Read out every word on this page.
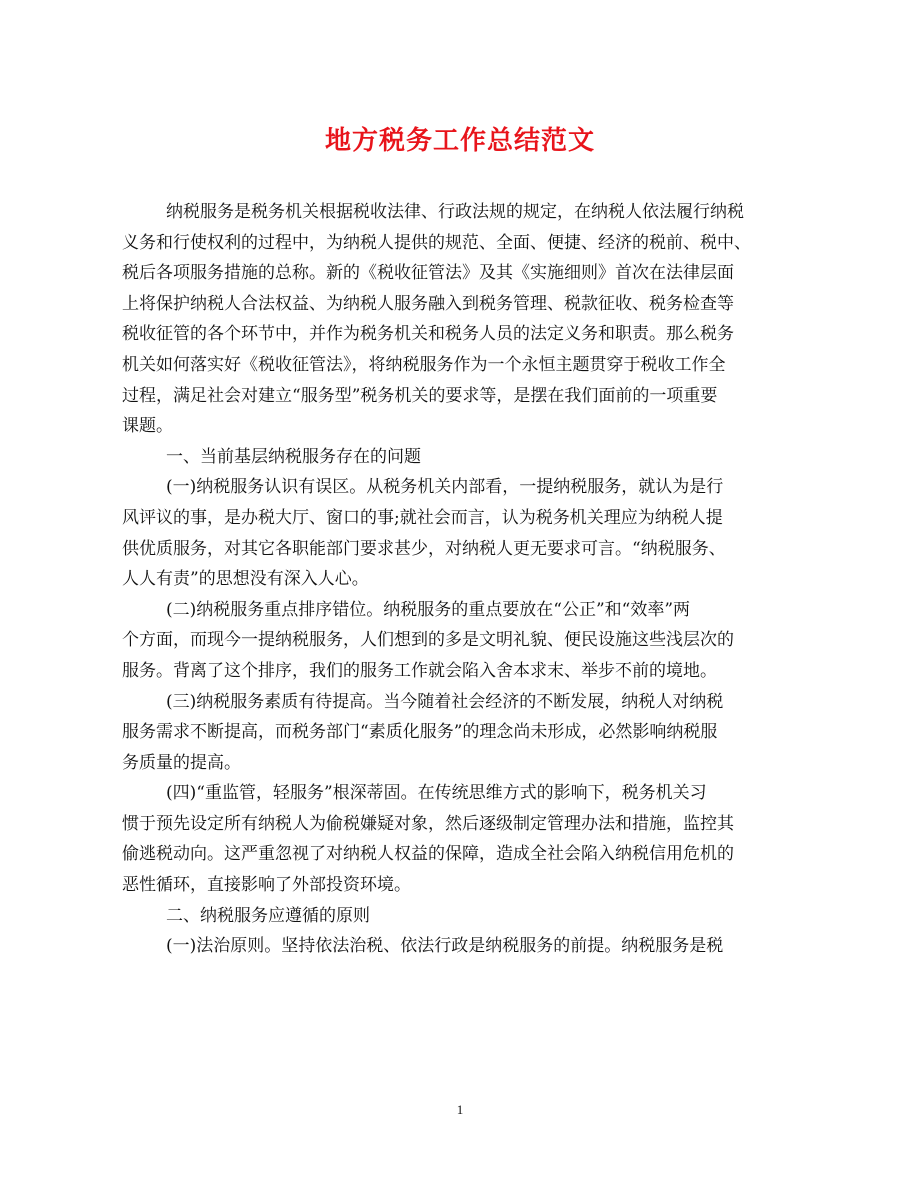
地方税务工作总结范文
纳税服务是税务机关根据税收法律、行政法规的规定，在纳税人依法履行纳税
义务和行使权利的过程中，为纳税人提供的规范、全面、便捷、经济的税前、税中、
税后各项服务措施的总称。新的《税收征管法》及其《实施细则》首次在法律层面
上将保护纳税人合法权益、为纳税人服务融入到税务管理、税款征收、税务检查等
税收征管的各个环节中，并作为税务机关和税务人员的法定义务和职责。那么税务
机关如何落实好《税收征管法》，将纳税服务作为一个永恒主题贯穿于税收工作全
过程，满足社会对建立“服务型”税务机关的要求等，是摆在我们面前的一项重要
课题。
一、当前基层纳税服务存在的问题
(一)纳税服务认识有误区。从税务机关内部看，一提纳税服务，就认为是行
风评议的事，是办税大厅、窗口的事;就社会而言，认为税务机关理应为纳税人提
供优质服务，对其它各职能部门要求甚少，对纳税人更无要求可言。“纳税服务、
人人有责”的思想没有深入人心。
(二)纳税服务重点排序错位。纳税服务的重点要放在“公正”和“效率”两
个方面，而现今一提纳税服务，人们想到的多是文明礼貌、便民设施这些浅层次的
服务。背离了这个排序，我们的服务工作就会陷入舍本求末、举步不前的境地。
(三)纳税服务素质有待提高。当今随着社会经济的不断发展，纳税人对纳税
服务需求不断提高，而税务部门“素质化服务”的理念尚未形成，必然影响纳税服
务质量的提高。
(四)“重监管，轻服务”根深蒂固。在传统思维方式的影响下，税务机关习
惯于预先设定所有纳税人为偷税嫌疑对象，然后逐级制定管理办法和措施，监控其
偷逃税动向。这严重忽视了对纳税人权益的保障，造成全社会陷入纳税信用危机的
恶性循环，直接影响了外部投资环境。
二、纳税服务应遵循的原则
(一)法治原则。坚持依法治税、依法行政是纳税服务的前提。纳税服务是税
1
